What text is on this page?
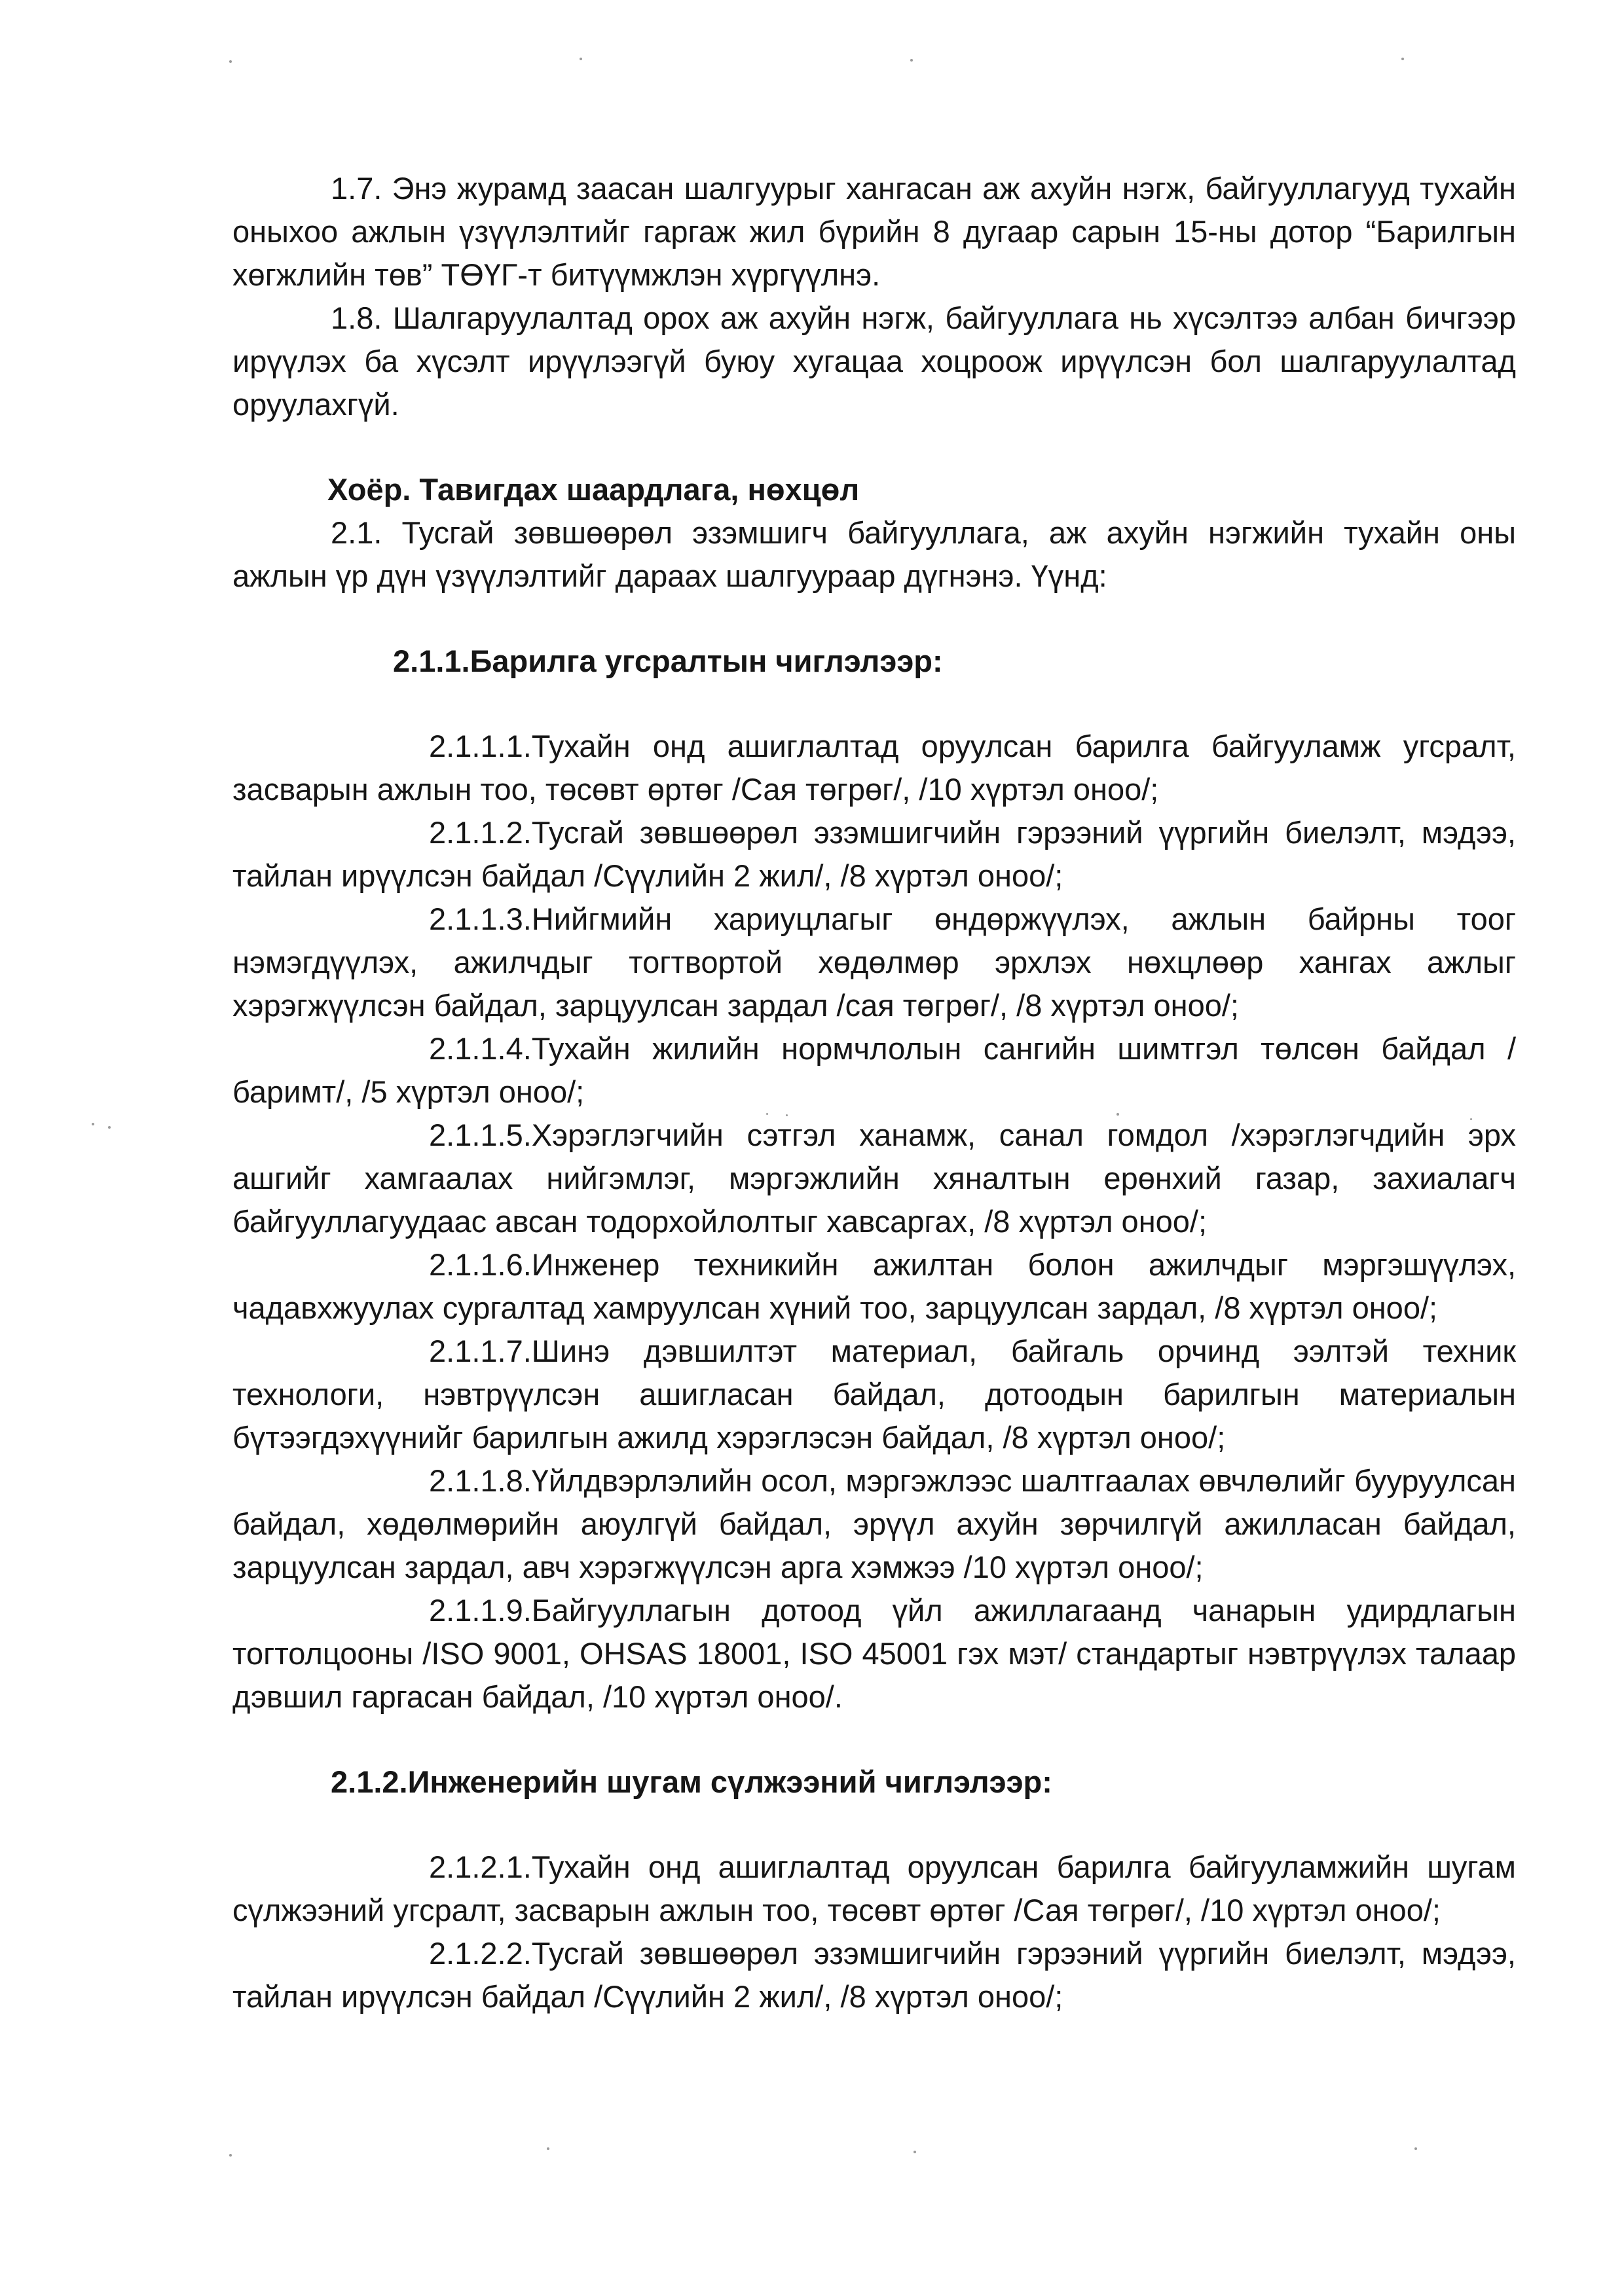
1.7. Энэ журамд заасан шалгуурыг хангасан аж ахуйн нэгж, байгууллагууд тухайн оныхоо ажлын үзүүлэлтийг гаргаж жил бүрийн 8 дугаар сарын 15-ны дотор “Барилгын хөгжлийн төв” ТӨҮГ-т битүүмжлэн хүргүүлнэ.

1.8. Шалгаруулалтад орох аж ахуйн нэгж, байгууллага нь хүсэлтээ албан бичгээр ирүүлэх ба хүсэлт ирүүлээгүй буюу хугацаа хоцроож ирүүлсэн бол шалгаруулалтад оруулахгүй.

Хоёр. Тавигдах шаардлага, нөхцөл

2.1. Тусгай зөвшөөрөл эзэмшигч байгууллага, аж ахуйн нэгжийн тухайн оны ажлын үр дүн үзүүлэлтийг дараах шалгуураар дүгнэнэ. Үүнд:

2.1.1.Барилга угсралтын чиглэлээр:

2.1.1.1.Тухайн онд ашиглалтад оруулсан барилга байгууламж угсралт, засварын ажлын тоо, төсөвт өртөг /Сая төгрөг/, /10 хүртэл оноо/;

2.1.1.2.Тусгай зөвшөөрөл эзэмшигчийн гэрээний үүргийн биелэлт, мэдээ, тайлан ирүүлсэн байдал /Сүүлийн 2 жил/, /8 хүртэл оноо/;

2.1.1.3.Нийгмийн хариуцлагыг өндөржүүлэх, ажлын байрны тоог нэмэгдүүлэх, ажилчдыг тогтвортой хөдөлмөр эрхлэх нөхцлөөр хангах ажлыг хэрэгжүүлсэн байдал, зарцуулсан зардал /сая төгрөг/, /8 хүртэл оноо/;

2.1.1.4.Тухайн жилийн нормчлолын сангийн шимтгэл төлсөн байдал /баримт/, /5 хүртэл оноо/;

2.1.1.5.Хэрэглэгчийн сэтгэл ханамж, санал гомдол /хэрэглэгчдийн эрх ашгийг хамгаалах нийгэмлэг, мэргэжлийн хяналтын ерөнхий газар, захиалагч байгууллагуудаас авсан тодорхойлолтыг хавсаргах, /8 хүртэл оноо/;

2.1.1.6.Инженер техникийн ажилтан болон ажилчдыг мэргэшүүлэх, чадавхжуулах сургалтад хамруулсан хүний тоо, зарцуулсан зардал, /8 хүртэл оноо/;

2.1.1.7.Шинэ дэвшилтэт материал, байгаль орчинд ээлтэй техник технологи, нэвтрүүлсэн ашигласан байдал, дотоодын барилгын материалын бүтээгдэхүүнийг барилгын ажилд хэрэглэсэн байдал, /8 хүртэл оноо/;

2.1.1.8.Үйлдвэрлэлийн осол, мэргэжлээс шалтгаалах өвчлөлийг бууруулсан байдал, хөдөлмөрийн аюулгүй байдал, эрүүл ахуйн зөрчилгүй ажилласан байдал, зарцуулсан зардал, авч хэрэгжүүлсэн арга хэмжээ /10 хүртэл оноо/;

2.1.1.9.Байгууллагын дотоод үйл ажиллагаанд чанарын удирдлагын тогтолцооны /ISO 9001, OHSAS 18001, ISO 45001 гэх мэт/ стандартыг нэвтрүүлэх талаар дэвшил гаргасан байдал, /10 хүртэл оноо/.

2.1.2.Инженерийн шугам сүлжээний чиглэлээр:

2.1.2.1.Тухайн онд ашиглалтад оруулсан барилга байгууламжийн шугам сүлжээний угсралт, засварын ажлын тоо, төсөвт өртөг /Сая төгрөг/, /10 хүртэл оноо/;

2.1.2.2.Тусгай зөвшөөрөл эзэмшигчийн гэрээний үүргийн биелэлт, мэдээ, тайлан ирүүлсэн байдал /Сүүлийн 2 жил/, /8 хүртэл оноо/;
